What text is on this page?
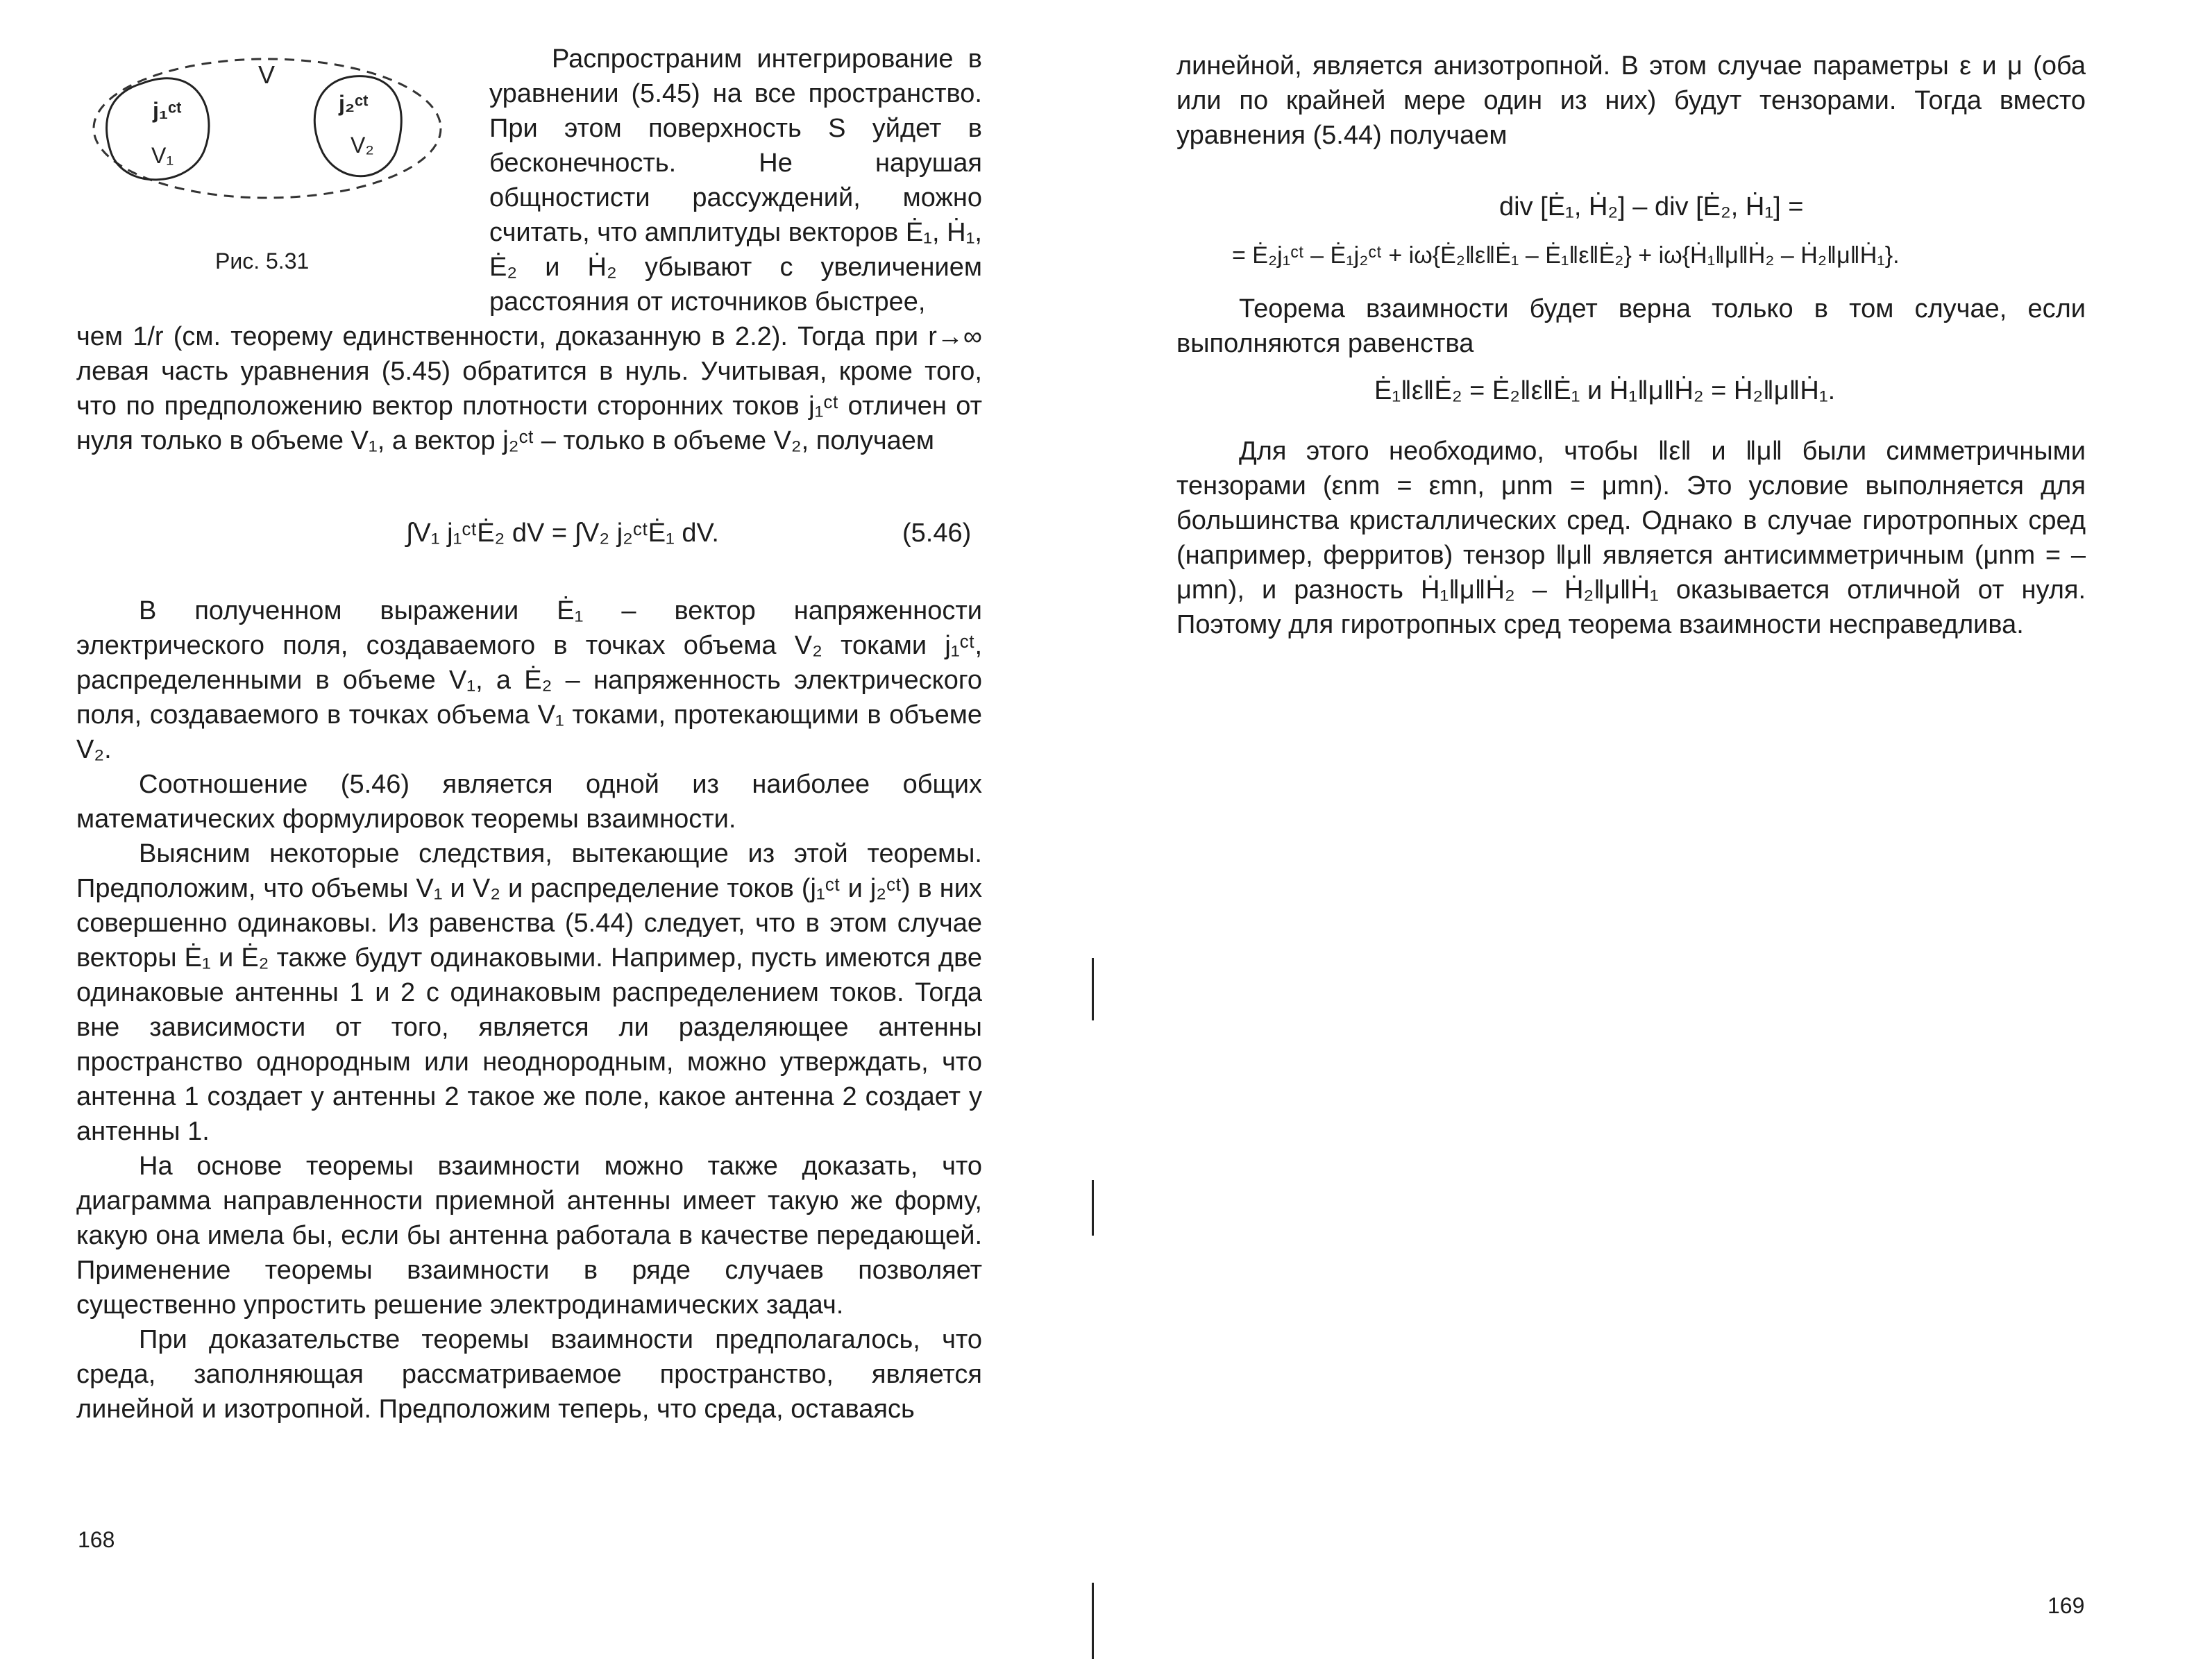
V
j₁ᶜᵗ
V₁
j₂ᶜᵗ
V₂
Рис. 5.31

Распространим интегрирование в уравнении (5.45) на все пространство. При этом поверхность S уйдет в бесконечность. Не нарушая общностисти рассуждений, можно считать, что амплитуды векторов Ė₁, Ḣ₁, Ė₂ и Ḣ₂ убывают с увеличением расстояния от источников быстрее,

чем 1/r (см. теорему единственности, доказанную в 2.2). Тогда при r→∞ левая часть уравнения (5.45) обратится в нуль. Учитывая, кроме того, что по предположению вектор плотности сторонних токов j₁ᶜᵗ отличен от нуля только в объеме V₁, а вектор j₂ᶜᵗ – только в объеме V₂, получаем

∫V₁ j₁ᶜᵗĖ₂ dV = ∫V₂ j₂ᶜᵗĖ₁ dV.	(5.46)

В полученном выражении Ė₁ – вектор напряженности электрического поля, создаваемого в точках объема V₂ токами j₁ᶜᵗ, распределенными в объеме V₁, а Ė₂ – напряженность электрического поля, создаваемого в точках объема V₁ токами, протекающими в объеме V₂.

Соотношение (5.46) является одной из наиболее общих математических формулировок теоремы взаимности.

Выясним некоторые следствия, вытекающие из этой теоремы. Предположим, что объемы V₁ и V₂ и распределение токов (j₁ᶜᵗ и j₂ᶜᵗ) в них совершенно одинаковы. Из равенства (5.44) следует, что в этом случае векторы Ė₁ и Ė₂ также будут одинаковыми. Например, пусть имеются две одинаковые антенны 1 и 2 с одинаковым распределением токов. Тогда вне зависимости от того, является ли разделяющее антенны пространство однородным или неоднородным, можно утверждать, что антенна 1 создает у антенны 2 такое же поле, какое антенна 2 создает у антенны 1.

На основе теоремы взаимности можно также доказать, что диаграмма направленности приемной антенны имеет такую же форму, какую она имела бы, если бы антенна работала в качестве передающей. Применение теоремы взаимности в ряде случаев позволяет существенно упростить решение электродинамических задач.

При доказательстве теоремы взаимности предполагалось, что среда, заполняющая рассматриваемое пространство, является линейной и изотропной. Предположим теперь, что среда, оставаясь

168

линейной, является анизотропной. В этом случае параметры ε и μ (оба или по крайней мере один из них) будут тензорами. Тогда вместо уравнения (5.44) получаем

div [Ė₁, Ḣ₂] – div [Ė₂, Ḣ₁] =
= Ė₂j₁ᶜᵗ – Ė₁j₂ᶜᵗ + iω{Ė₂‖ε‖Ė₁ – Ė₁‖ε‖Ė₂} + iω{Ḣ₁‖μ‖Ḣ₂ – Ḣ₂‖μ‖Ḣ₁}.

Теорема взаимности будет верна только в том случае, если выполняются равенства

Ė₁‖ε‖Ė₂ = Ė₂‖ε‖Ė₁ и Ḣ₁‖μ‖Ḣ₂ = Ḣ₂‖μ‖Ḣ₁.

Для этого необходимо, чтобы ‖ε‖ и ‖μ‖ были симметричными тензорами (εnm = εmn, μnm = μmn). Это условие выполняется для большинства кристаллических сред. Однако в случае гиротропных сред (например, ферритов) тензор ‖μ‖ является антисимметричным (μnm = –μmn), и разность Ḣ₁‖μ‖Ḣ₂ – Ḣ₂‖μ‖Ḣ₁ оказывается отличной от нуля. Поэтому для гиротропных сред теорема взаимности несправедлива.

169
